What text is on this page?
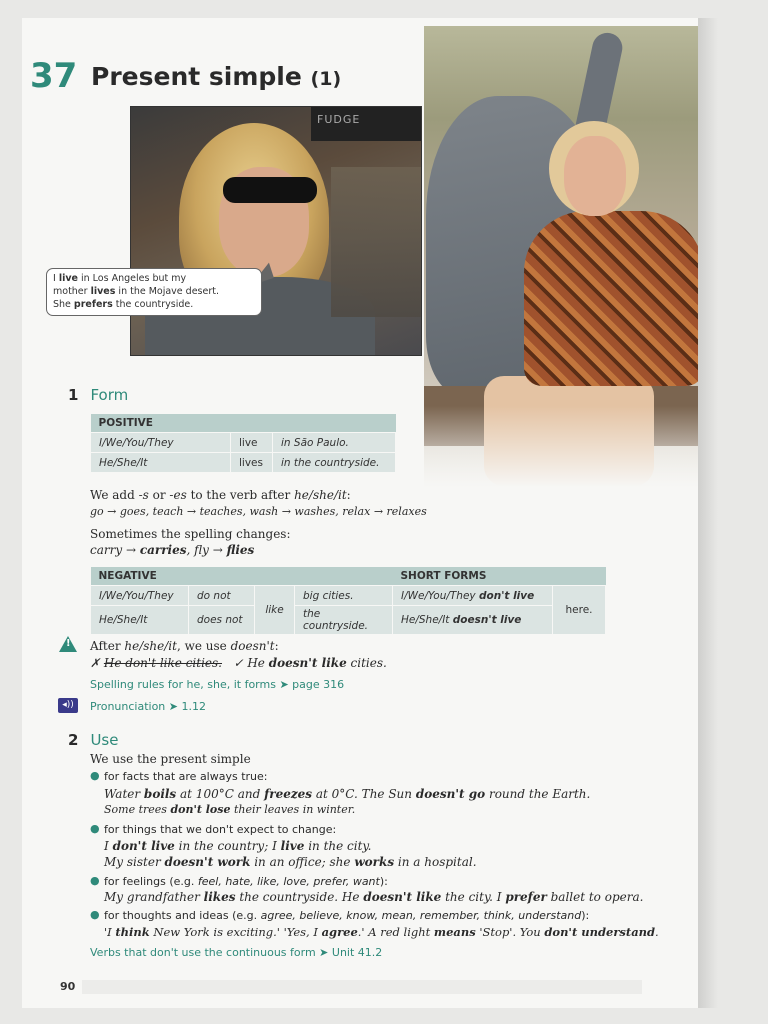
37 Present simple (1)
FUDGE
I live in Los Angeles but my
mother lives in the Mojave desert.
She prefers the countryside.
1 Form
POSITIVE		
I/We/You/They	live	in São Paulo.
He/She/It	lives	in the countryside.
We add -s or -es to the verb after he/she/it:
go → goes, teach → teaches, wash → washes, relax → relaxes
Sometimes the spelling changes:
carry → carries, fly → flies
NEGATIVE				SHORT FORMS	
I/We/You/They	do not	like	big cities.	I/We/You/They don't live	here.
He/She/It	does not		the countryside.	He/She/It doesn't live	
! After he/she/it, we use doesn't:
✗ He don't like cities. ✓ He doesn't like cities.
Spelling rules for he, she, it forms ➤ page 316
◂))	Pronunciation ➤ 1.12
2 Use
We use the present simple
● for facts that are always true:
Water boils at 100°C and freezes at 0°C. The Sun doesn't go round the Earth.
Some trees don't lose their leaves in winter.
● for things that we don't expect to change:
I don't live in the country; I live in the city.
My sister doesn't work in an office; she works in a hospital.
● for feelings (e.g. feel, hate, like, love, prefer, want):
My grandfather likes the countryside. He doesn't like the city. I prefer ballet to opera.
● for thoughts and ideas (e.g. agree, believe, know, mean, remember, think, understand):
'I think New York is exciting.' 'Yes, I agree.' A red light means 'Stop'. You don't understand.
Verbs that don't use the continuous form ➤ Unit 41.2
90
